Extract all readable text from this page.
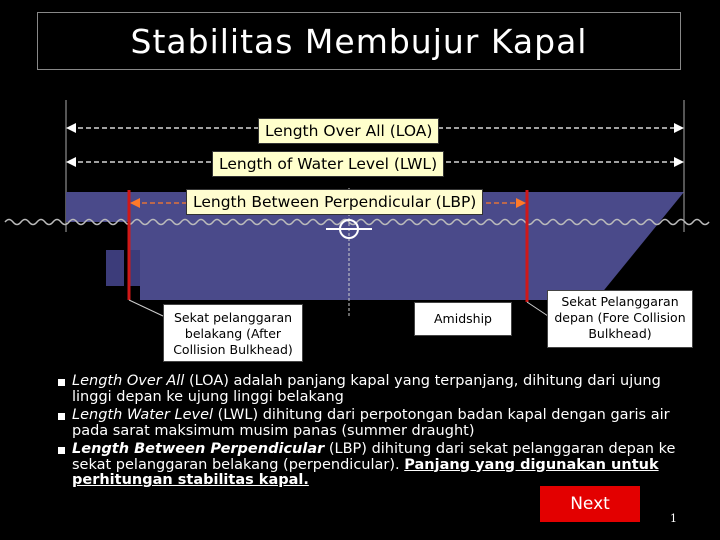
Stabilitas Membujur Kapal
Length Over All (LOA)
Length of Water Level (LWL)
Length Between Perpendicular (LBP)
Sekat pelanggaran
belakang (After
Collision Bulkhead)
Amidship
Sekat Pelanggaran
depan (Fore Collision
Bulkhead)
Length Over All (LOA) adalah panjang kapal yang terpanjang, dihitung dari ujung linggi depan ke ujung linggi belakang
Length Water Level (LWL) dihitung dari perpotongan badan kapal dengan garis air pada sarat maksimum musim panas (summer draught)
Length Between Perpendicular (LBP) dihitung dari sekat pelanggaran depan ke sekat pelanggaran belakang (perpendicular). Panjang yang digunakan untuk perhitungan stabilitas kapal.
Next
1
